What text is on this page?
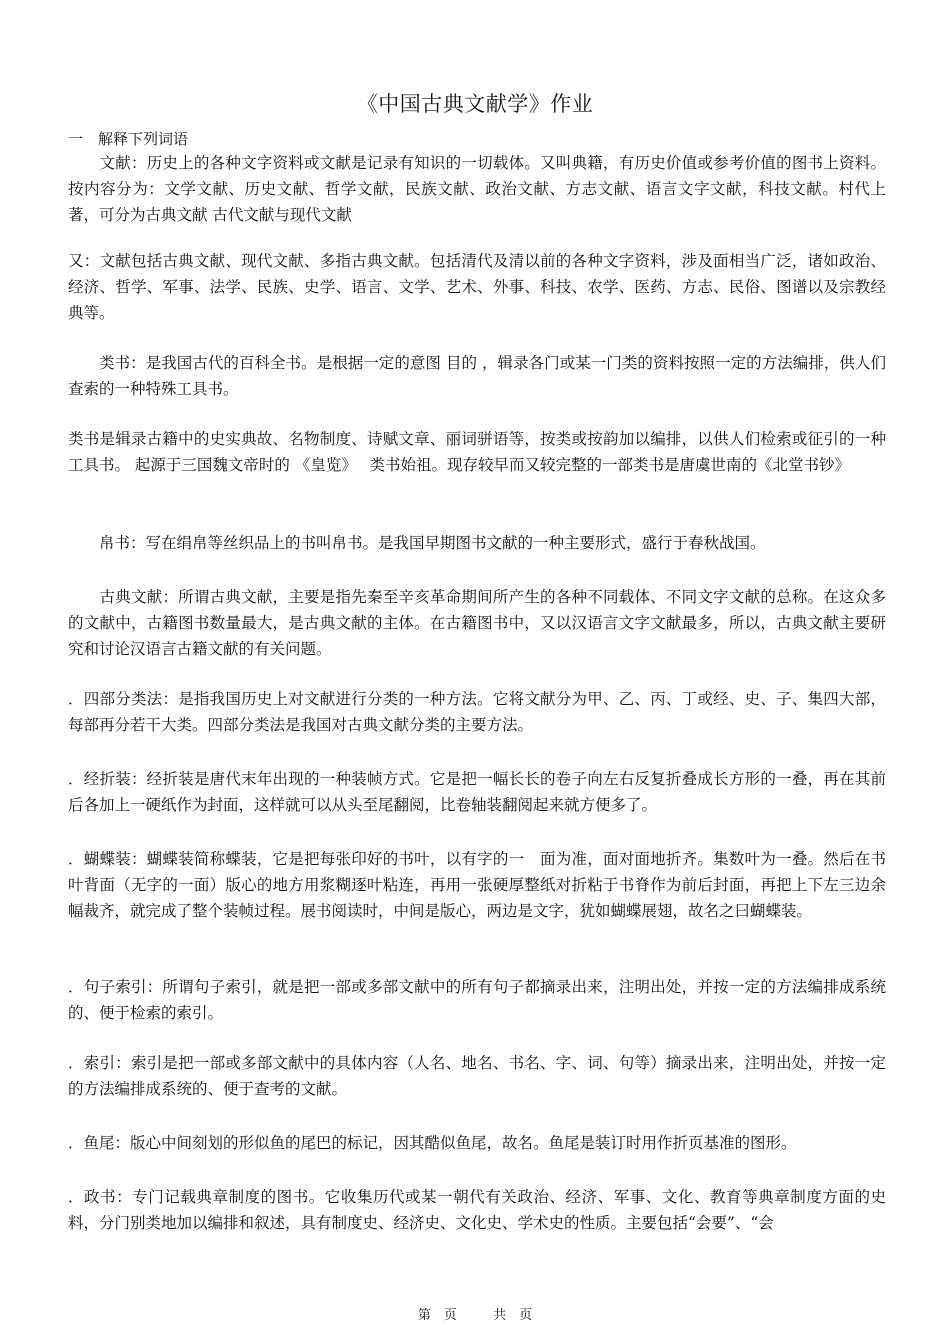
《中国古典文献学》作业
一　解释下列词语

　　文献：历史上的各种文字资料或文献是记录有知识的一切载体。又叫典籍，有历史价值或参考价值的图书上资料。 按内容分为：文学文献、历史文献、哲学文献，民族文献、政治文献、方志文献、语言文字文献，科技文献。村代上著，可分为古典文献 古代文献与现代文献

又：文献包括古典文献、现代文献、多指古典文献。包括清代及清以前的各种文字资料，涉及面相当广泛，诸如政治、经济、哲学、军事、法学、民族、史学、语言、文学、艺术、外事、科技、农学、医药、方志、民俗、图谱以及宗教经典等。

　　类书：是我国古代的百科全书。是根据一定的意图 目的 ，辑录各门或某一门类的资料按照一定的方法编排，供人们查索的一种特殊工具书。

类书是辑录古籍中的史实典故、名物制度、诗赋文章、丽词骈语等，按类或按韵加以编排，以供人们检索或征引的一种工具书。 起源于三国魏文帝时的 《皇览》　 类书始祖。现存较早而又较完整的一部类书是唐虞世南的《北堂书钞》

　　帛书：写在绢帛等丝织品上的书叫帛书。是我国早期图书文献的一种主要形式，盛行于春秋战国。

　　古典文献：所谓古典文献，主要是指先秦至辛亥革命期间所产生的各种不同载体、不同文字文献的总称。在这众多的文献中，古籍图书数量最大，是古典文献的主体。在古籍图书中，又以汉语言文字文献最多，所以，古典文献主要研究和讨论汉语言古籍文献的有关问题。

．四部分类法：是指我国历史上对文献进行分类的一种方法。它将文献分为甲、乙、丙、丁或经、史、子、集四大部，每部再分若干大类。四部分类法是我国对古典文献分类的主要方法。

．经折装：经折装是唐代末年出现的一种装帧方式。它是把一幅长长的卷子向左右反复折叠成长方形的一叠，再在其前后各加上一硬纸作为封面，这样就可以从头至尾翻阅，比卷轴装翻阅起来就方便多了。

．蝴蝶装：蝴蝶装简称蝶装，它是把每张印好的书叶，以有字的一　面为准，面对面地折齐。集数叶为一叠。然后在书叶背面（无字的一面）版心的地方用浆糊逐叶粘连，再用一张硬厚整纸对折粘于书脊作为前后封面，再把上下左三边余幅裁齐，就完成了整个装帧过程。展书阅读时，中间是版心，两边是文字，犹如蝴蝶展翅，故名之曰蝴蝶装。

．句子索引：所谓句子索引，就是把一部或多部文献中的所有句子都摘录出来，注明出处，并按一定的方法编排成系统的、便于检索的索引。

．索引：索引是把一部或多部文献中的具体内容（人名、地名、书名、字、词、句等）摘录出来，注明出处，并按一定的方法编排成系统的、便于查考的文献。

．鱼尾：版心中间刻划的形似鱼的尾巴的标记，因其酷似鱼尾，故名。鱼尾是装订时用作折页基准的图形。

．政书：专门记载典章制度的图书。它收集历代或某一朝代有关政治、经济、军事、文化、教育等典章制度方面的史料，分门别类地加以编排和叙述，具有制度史、经济史、文化史、学术史的性质。主要包括“会要”、“会

第　页	共　页
